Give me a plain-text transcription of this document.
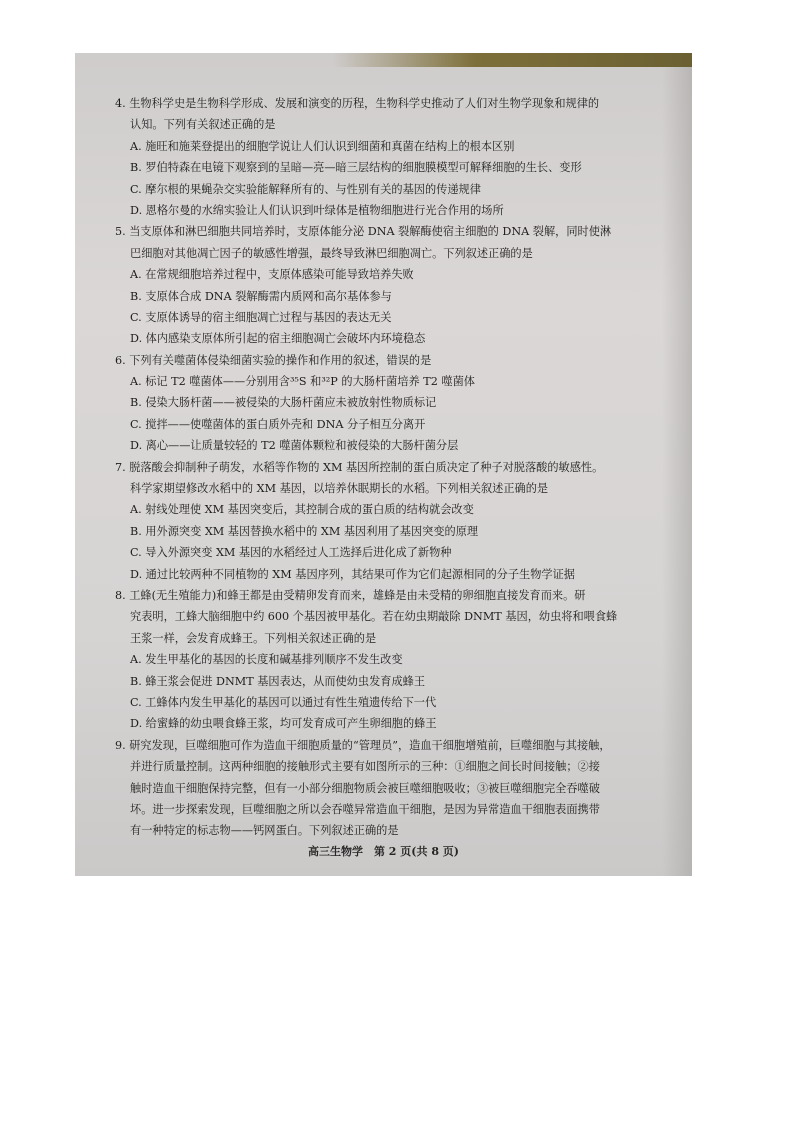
4. 生物科学史是生物科学形成、发展和演变的历程，生物科学史推动了人们对生物学现象和规律的
认知。下列有关叙述正确的是
A. 施旺和施莱登提出的细胞学说让人们认识到细菌和真菌在结构上的根本区别
B. 罗伯特森在电镜下观察到的呈暗—亮—暗三层结构的细胞膜模型可解释细胞的生长、变形
C. 摩尔根的果蝇杂交实验能解释所有的、与性别有关的基因的传递规律
D. 恩格尔曼的水绵实验让人们认识到叶绿体是植物细胞进行光合作用的场所
5. 当支原体和淋巴细胞共同培养时，支原体能分泌 DNA 裂解酶使宿主细胞的 DNA 裂解，同时使淋
巴细胞对其他凋亡因子的敏感性增强，最终导致淋巴细胞凋亡。下列叙述正确的是
A. 在常规细胞培养过程中，支原体感染可能导致培养失败
B. 支原体合成 DNA 裂解酶需内质网和高尔基体参与
C. 支原体诱导的宿主细胞凋亡过程与基因的表达无关
D. 体内感染支原体所引起的宿主细胞凋亡会破坏内环境稳态
6. 下列有关噬菌体侵染细菌实验的操作和作用的叙述，错误的是
A. 标记 T2 噬菌体——分别用含³⁵S 和³²P 的大肠杆菌培养 T2 噬菌体
B. 侵染大肠杆菌——被侵染的大肠杆菌应未被放射性物质标记
C. 搅拌——使噬菌体的蛋白质外壳和 DNA 分子相互分离开
D. 离心——让质量较轻的 T2 噬菌体颗粒和被侵染的大肠杆菌分层
7. 脱落酸会抑制种子萌发，水稻等作物的 XM 基因所控制的蛋白质决定了种子对脱落酸的敏感性。
科学家期望修改水稻中的 XM 基因，以培养休眠期长的水稻。下列相关叙述正确的是
A. 射线处理使 XM 基因突变后，其控制合成的蛋白质的结构就会改变
B. 用外源突变 XM 基因替换水稻中的 XM 基因利用了基因突变的原理
C. 导入外源突变 XM 基因的水稻经过人工选择后进化成了新物种
D. 通过比较两种不同植物的 XM 基因序列，其结果可作为它们起源相同的分子生物学证据
8. 工蜂(无生殖能力)和蜂王都是由受精卵发育而来，雄蜂是由未受精的卵细胞直接发育而来。研
究表明，工蜂大脑细胞中约 600 个基因被甲基化。若在幼虫期敲除 DNMT 基因，幼虫将和喂食蜂
王浆一样，会发育成蜂王。下列相关叙述正确的是
A. 发生甲基化的基因的长度和碱基排列顺序不发生改变
B. 蜂王浆会促进 DNMT 基因表达，从而使幼虫发育成蜂王
C. 工蜂体内发生甲基化的基因可以通过有性生殖遗传给下一代
D. 给蜜蜂的幼虫喂食蜂王浆，均可发育成可产生卵细胞的蜂王
9. 研究发现，巨噬细胞可作为造血干细胞质量的“管理员”，造血干细胞增殖前，巨噬细胞与其接触，
并进行质量控制。这两种细胞的接触形式主要有如图所示的三种：①细胞之间长时间接触；②接
触时造血干细胞保持完整，但有一小部分细胞物质会被巨噬细胞吸收；③被巨噬细胞完全吞噬破
坏。进一步探索发现，巨噬细胞之所以会吞噬异常造血干细胞，是因为异常造血干细胞表面携带
有一种特定的标志物——钙网蛋白。下列叙述正确的是
高三生物学　第 2 页(共 8 页)
